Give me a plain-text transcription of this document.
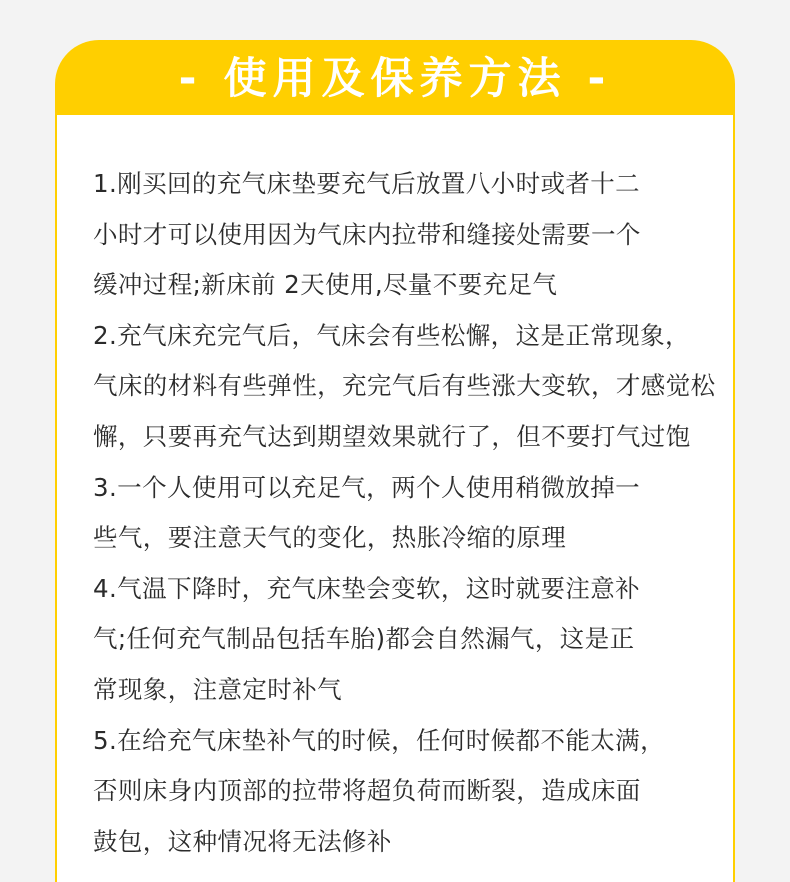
- 使用及保养方法 -
1.刚买回的充气床垫要充气后放置八小时或者十二
小时才可以使用因为气床内拉带和缝接处需要一个
缓冲过程;新床前 2天使用,尽量不要充足气
2.充气床充完气后，气床会有些松懈，这是正常现象，
气床的材料有些弹性，充完气后有些涨大变软，才感觉松
懈，只要再充气达到期望效果就行了，但不要打气过饱
3.一个人使用可以充足气，两个人使用稍微放掉一
些气，要注意天气的变化，热胀冷缩的原理
4.气温下降时，充气床垫会变软，这时就要注意补
气;任何充气制品包括车胎)都会自然漏气，这是正
常现象，注意定时补气
5.在给充气床垫补气的时候，任何时候都不能太满，
否则床身内顶部的拉带将超负荷而断裂，造成床面
鼓包，这种情况将无法修补
